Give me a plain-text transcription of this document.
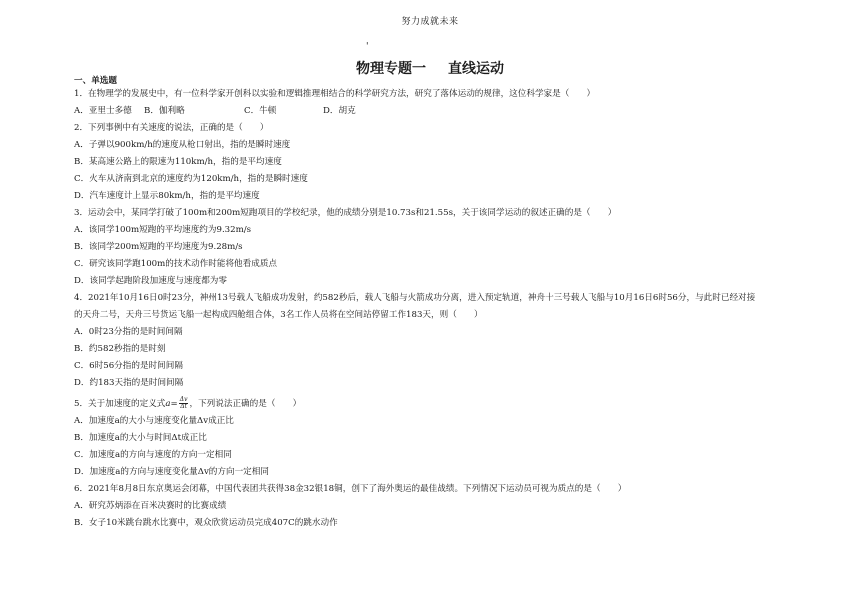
努力成就未来
'
物理专题一 直线运动
一、单选题
1．在物理学的发展史中，有一位科学家开创科以实验和逻辑推理相结合的科学研究方法，研究了落体运动的规律，这位科学家是（　　）
A．亚里士多德	B．伽利略	C．牛顿	D．胡克
2．下列事例中有关速度的说法，正确的是（　　）
A．子弹以900km/h的速度从枪口射出，指的是瞬时速度
B．某高速公路上的限速为110km/h，指的是平均速度
C．火车从济南到北京的速度约为120km/h，指的是瞬时速度
D．汽车速度计上显示80km/h，指的是平均速度
3．运动会中，某同学打破了100m和200m短跑项目的学校纪录，他的成绩分别是10.73s和21.55s，关于该同学运动的叙述正确的是（　　）
A．该同学100m短跑的平均速度约为9.32m/s
B．该同学200m短跑的平均速度为9.28m/s
C．研究该同学跑100m的技术动作时能将他看成质点
D．该同学起跑阶段加速度与速度都为零
4．2021年10月16日0时23分，神州13号载人飞船成功发射，约582秒后，载人飞船与火箭成功分离，进入预定轨道，神舟十三号载人飞船与10月16日6时56分，与此时已经对接
的天舟二号，天舟三号货运飞船一起构成四舱组合体，3名工作人员将在空间站停留工作183天，则（　　）
A．0时23分指的是时间间隔
B．约582秒指的是时刻
C．6时56分指的是时间间隔
D．约183天指的是时间间隔
5．关于加速度的定义式$a= \frac{\Delta v}{\Delta t}$ ，下列说法正确的是（　　）
A．加速度a的大小与速度变化量Δv成正比
B．加速度a的大小与时间Δt成正比
C．加速度a的方向与速度的方向一定相同
D．加速度a的方向与速度变化量Δv的方向一定相同
6．2021年8月8日东京奥运会闭幕，中国代表团共获得38金32银18铜，创下了海外奥运的最佳战绩。下列情况下运动员可视为质点的是（　　）
A．研究苏炳添在百米决赛时的比赛成绩
B．女子10米跳台跳水比赛中，观众欣赏运动员完成407C的跳水动作
